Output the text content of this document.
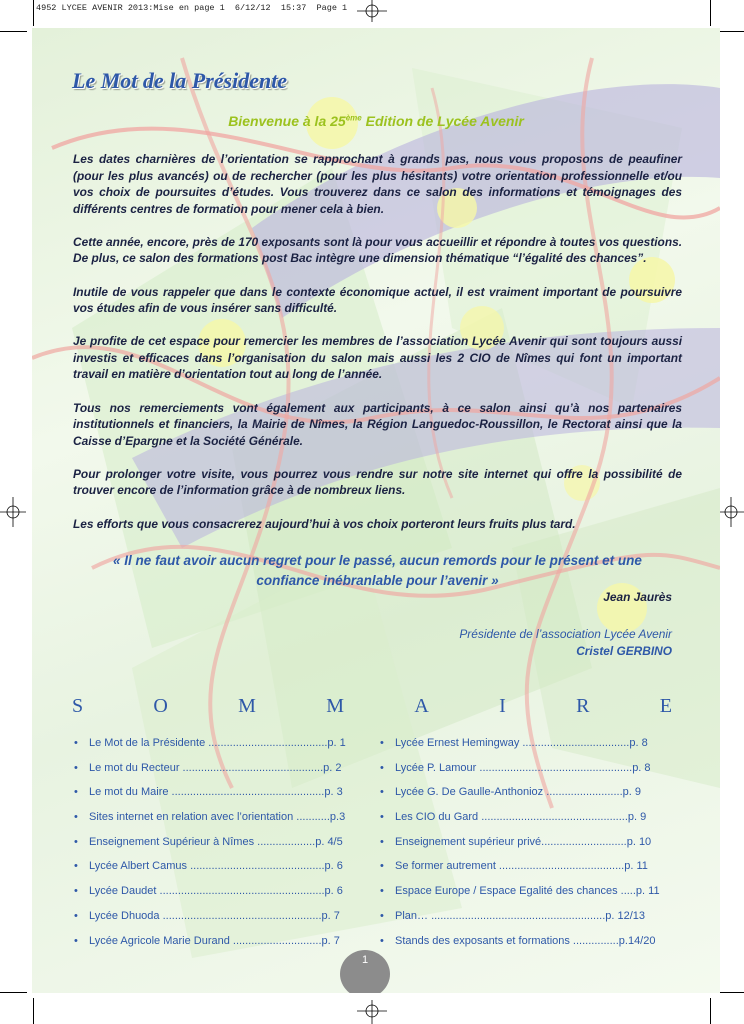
4952 LYCEE AVENIR 2013:Mise en page 1  6/12/12  15:37  Page 1
Le Mot de la Présidente
Bienvenue à la 25ème Edition de Lycée Avenir

Les dates charnières de l’orientation se rapprochant à grands pas, nous vous proposons de peaufiner (pour les plus avancés) ou de rechercher (pour les plus hésitants) votre orientation professionnelle et/ou vos choix de poursuites d’études. Vous trouverez dans ce salon des informations et témoignages des différents centres de formation pour mener cela à bien.

Cette année, encore, près de 170 exposants sont là pour vous accueillir et répondre à toutes vos questions. De plus, ce salon des formations post Bac intègre une dimension thématique “l’égalité des chances”.

Inutile de vous rappeler que dans le contexte économique actuel, il est vraiment important de poursuivre vos études afin de vous insérer sans difficulté.

Je profite de cet espace pour remercier les membres de l’association Lycée Avenir qui sont toujours aussi investis et efficaces dans l’organisation du salon mais aussi les 2 CIO de Nîmes qui font un important travail en matière d’orientation tout au long de l’année.

Tous nos remerciements vont également aux participants, à ce salon ainsi qu’à nos partenaires institutionnels et financiers, la Mairie de Nîmes, la Région Languedoc-Roussillon, le Rectorat ainsi que la Caisse d’Epargne et la Société Générale.

Pour prolonger votre visite, vous pourrez vous rendre sur notre site internet qui offre la possibilité de trouver encore de l’information grâce à de nombreux liens.

Les efforts que vous consacrerez aujourd’hui à vos choix porteront leurs fruits plus tard.

« Il ne faut avoir aucun regret pour le passé, aucun remords pour le présent et une
confiance inébranlable pour l’avenir »
Jean Jaurès
Présidente de l’association Lycée Avenir
Cristel GERBINO
S	O	M	M	A	I	R	E
• Le Mot de la Présidente .......................................p. 1
• Le mot du Recteur ..............................................p. 2
• Le mot du Maire ..................................................p. 3
• Sites internet en relation avec l’orientation ...........p.3
• Enseignement Supérieur à Nîmes ...................p. 4/5
• Lycée Albert Camus ............................................p. 6
• Lycée Daudet ......................................................p. 6
• Lycée Dhuoda ....................................................p. 7
• Lycée Agricole Marie Durand .............................p. 7
• Lycée Ernest Hemingway ...................................p. 8
• Lycée P. Lamour ..................................................p. 8
• Lycée G. De Gaulle-Anthonioz .........................p. 9
• Les CIO du Gard ................................................p. 9
• Enseignement supérieur privé............................p. 10
• Se former autrement .........................................p. 11
• Espace Europe / Espace Egalité des chances .....p. 11
• Plan… .........................................................p. 12/13
• Stands des exposants et formations ...............p.14/20
1
